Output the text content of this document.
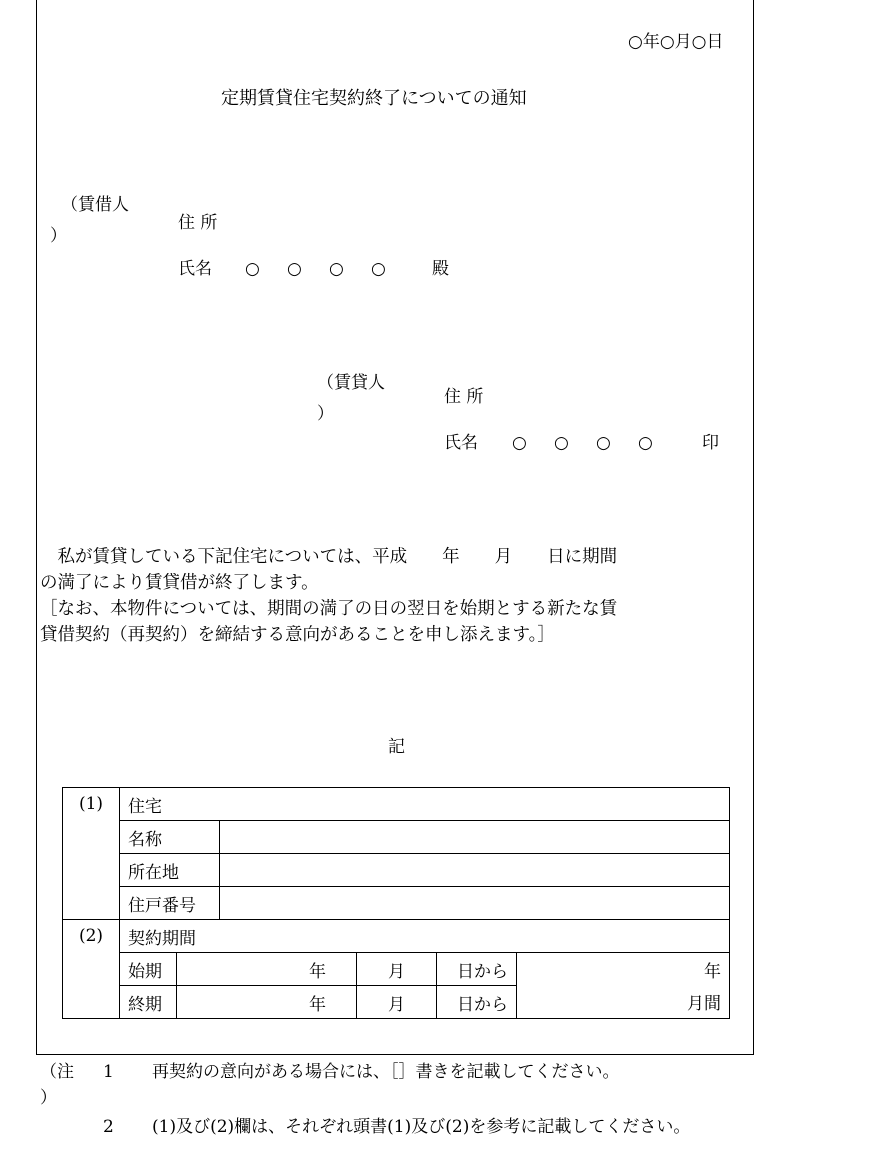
○年○月○日
定期賃貸住宅契約終了についての通知
（賃借人
）
住 所
氏名 ○ ○ ○ ○	殿
（賃貸人
）
住 所
氏名 ○ ○ ○ ○	印
私が賃貸している下記住宅については、平成　　年　　月　　日に期間
の満了により賃貸借が終了します。
［なお、本物件については、期間の満了の日の翌日を始期とする新たな賃
貸借契約（再契約）を締結する意向があることを申し添えます。］
記
(1)	住宅					
	名称					
	所在地					
	住戸番号					
(2)	契約期間					
	始期	年		月	日から	年
	終期	年		月	日から	月間
（注
）
1 再契約の意向がある場合には、［］書きを記載してください。
2 (1)及び(2)欄は、それぞれ頭書(1)及び(2)を参考に記載してください。
